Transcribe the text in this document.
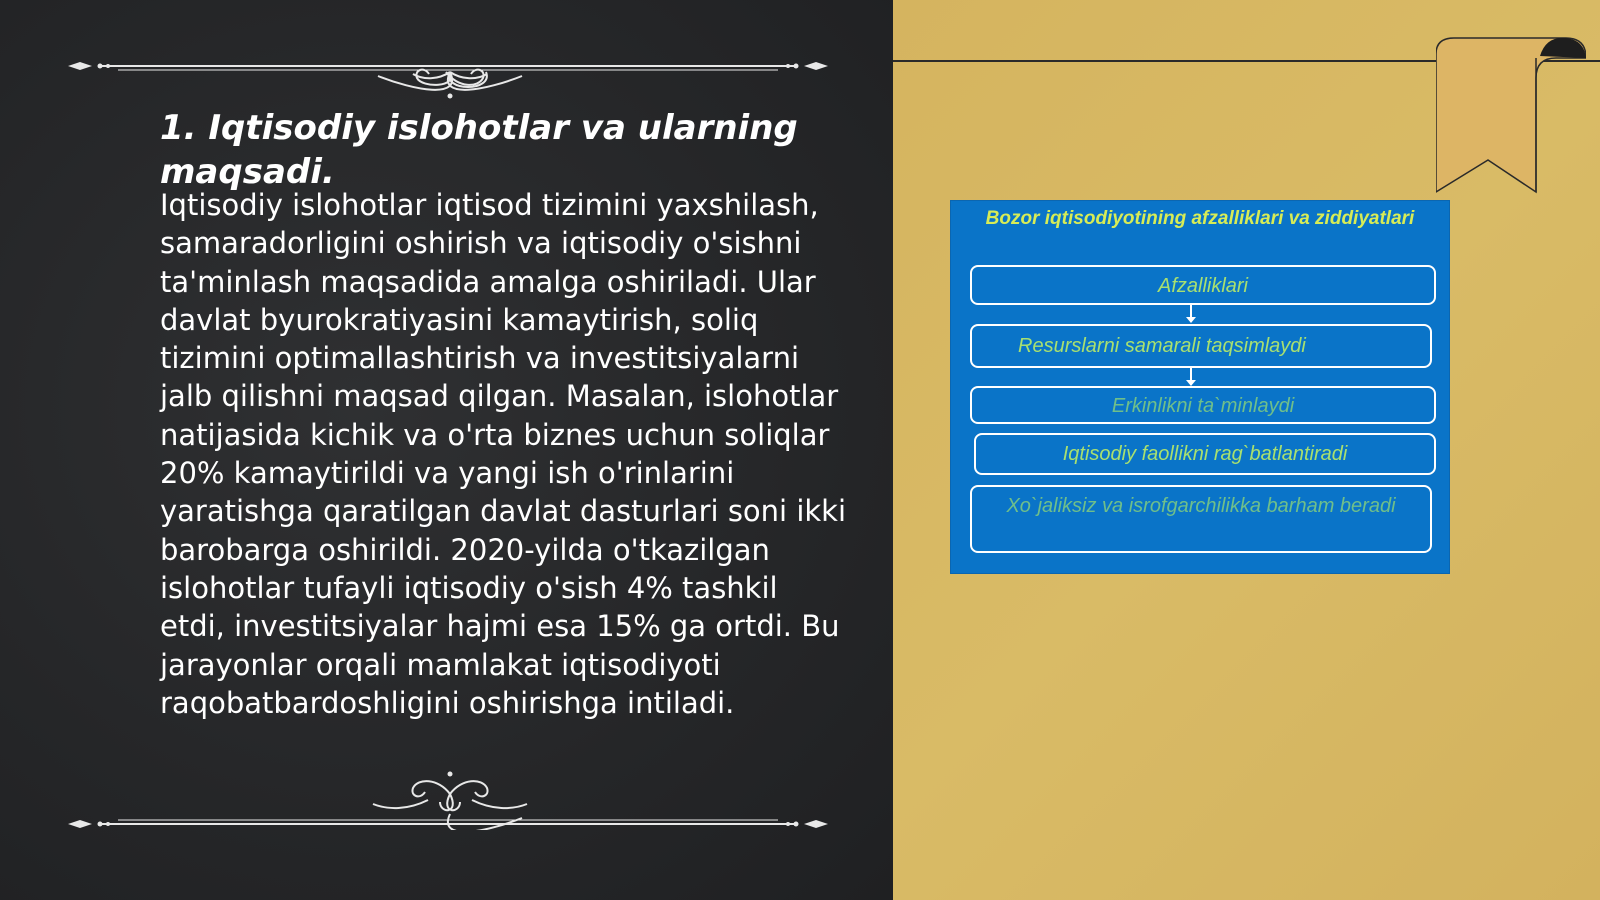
1. Iqtisodiy islohotlar va ularning maqsadi.

Iqtisodiy islohotlar iqtisod tizimini yaxshilash, samaradorligini oshirish va iqtisodiy o'sishni ta'minlash maqsadida amalga oshiriladi. Ular davlat byurokratiyasini kamaytirish, soliq tizimini optimallashtirish va investitsiyalarni jalb qilishni maqsad qilgan. Masalan, islohotlar natijasida kichik va o'rta biznes uchun soliqlar 20% kamaytirildi va yangi ish o'rinlarini yaratishga qaratilgan davlat dasturlari soni ikki barobarga oshirildi. 2020-yilda o'tkazilgan islohotlar tufayli iqtisodiy o'sish 4% tashkil etdi, investitsiyalar hajmi esa 15% ga ortdi. Bu jarayonlar orqali mamlakat iqtisodiyoti raqobatbardoshligini oshirishga intiladi.

Bozor iqtisodiyotining afzalliklari va ziddiyatlari
Afzalliklari
Resurslarni samarali taqsimlaydi
Erkinlikni ta`minlaydi
Iqtisodiy faollikni rag`batlantiradi
Xo`jaliksiz va isrofgarchilikka barham beradi
